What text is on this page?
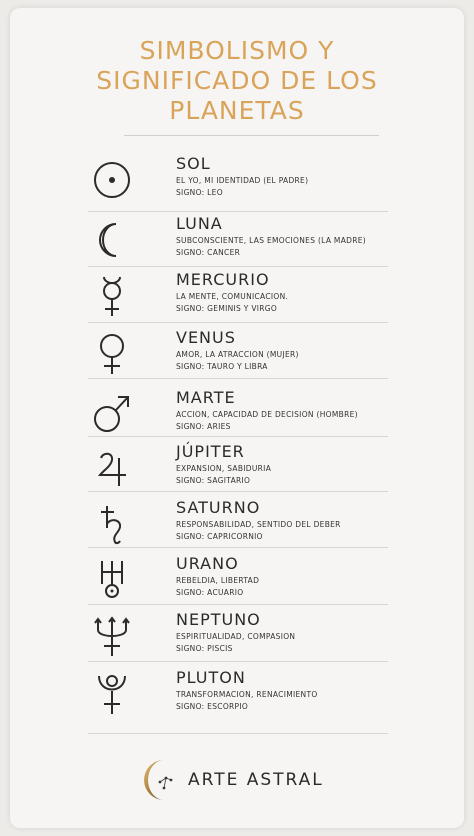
SIMBOLISMO Y
SIGNIFICADO DE LOS
PLANETAS
SOL
EL YO, MI IDENTIDAD (EL PADRE)
SIGNO: LEO
LUNA
SUBCONSCIENTE, LAS EMOCIONES (LA MADRE)
SIGNO: CANCER
MERCURIO
LA MENTE, COMUNICACION.
SIGNO: GEMINIS Y VIRGO
VENUS
AMOR, LA ATRACCION (MUJER)
SIGNO: TAURO Y LIBRA
MARTE
ACCION, CAPACIDAD DE DECISION (HOMBRE)
SIGNO: ARIES
JÚPITER
EXPANSION, SABIDURIA
SIGNO: SAGITARIO
SATURNO
RESPONSABILIDAD, SENTIDO DEL DEBER
SIGNO: CAPRICORNIO
URANO
REBELDIA, LIBERTAD
SIGNO: ACUARIO
NEPTUNO
ESPIRITUALIDAD, COMPASION
SIGNO: PISCIS
PLUTON
TRANSFORMACION, RENACIMIENTO
SIGNO: ESCORPIO
ARTE ASTRAL
